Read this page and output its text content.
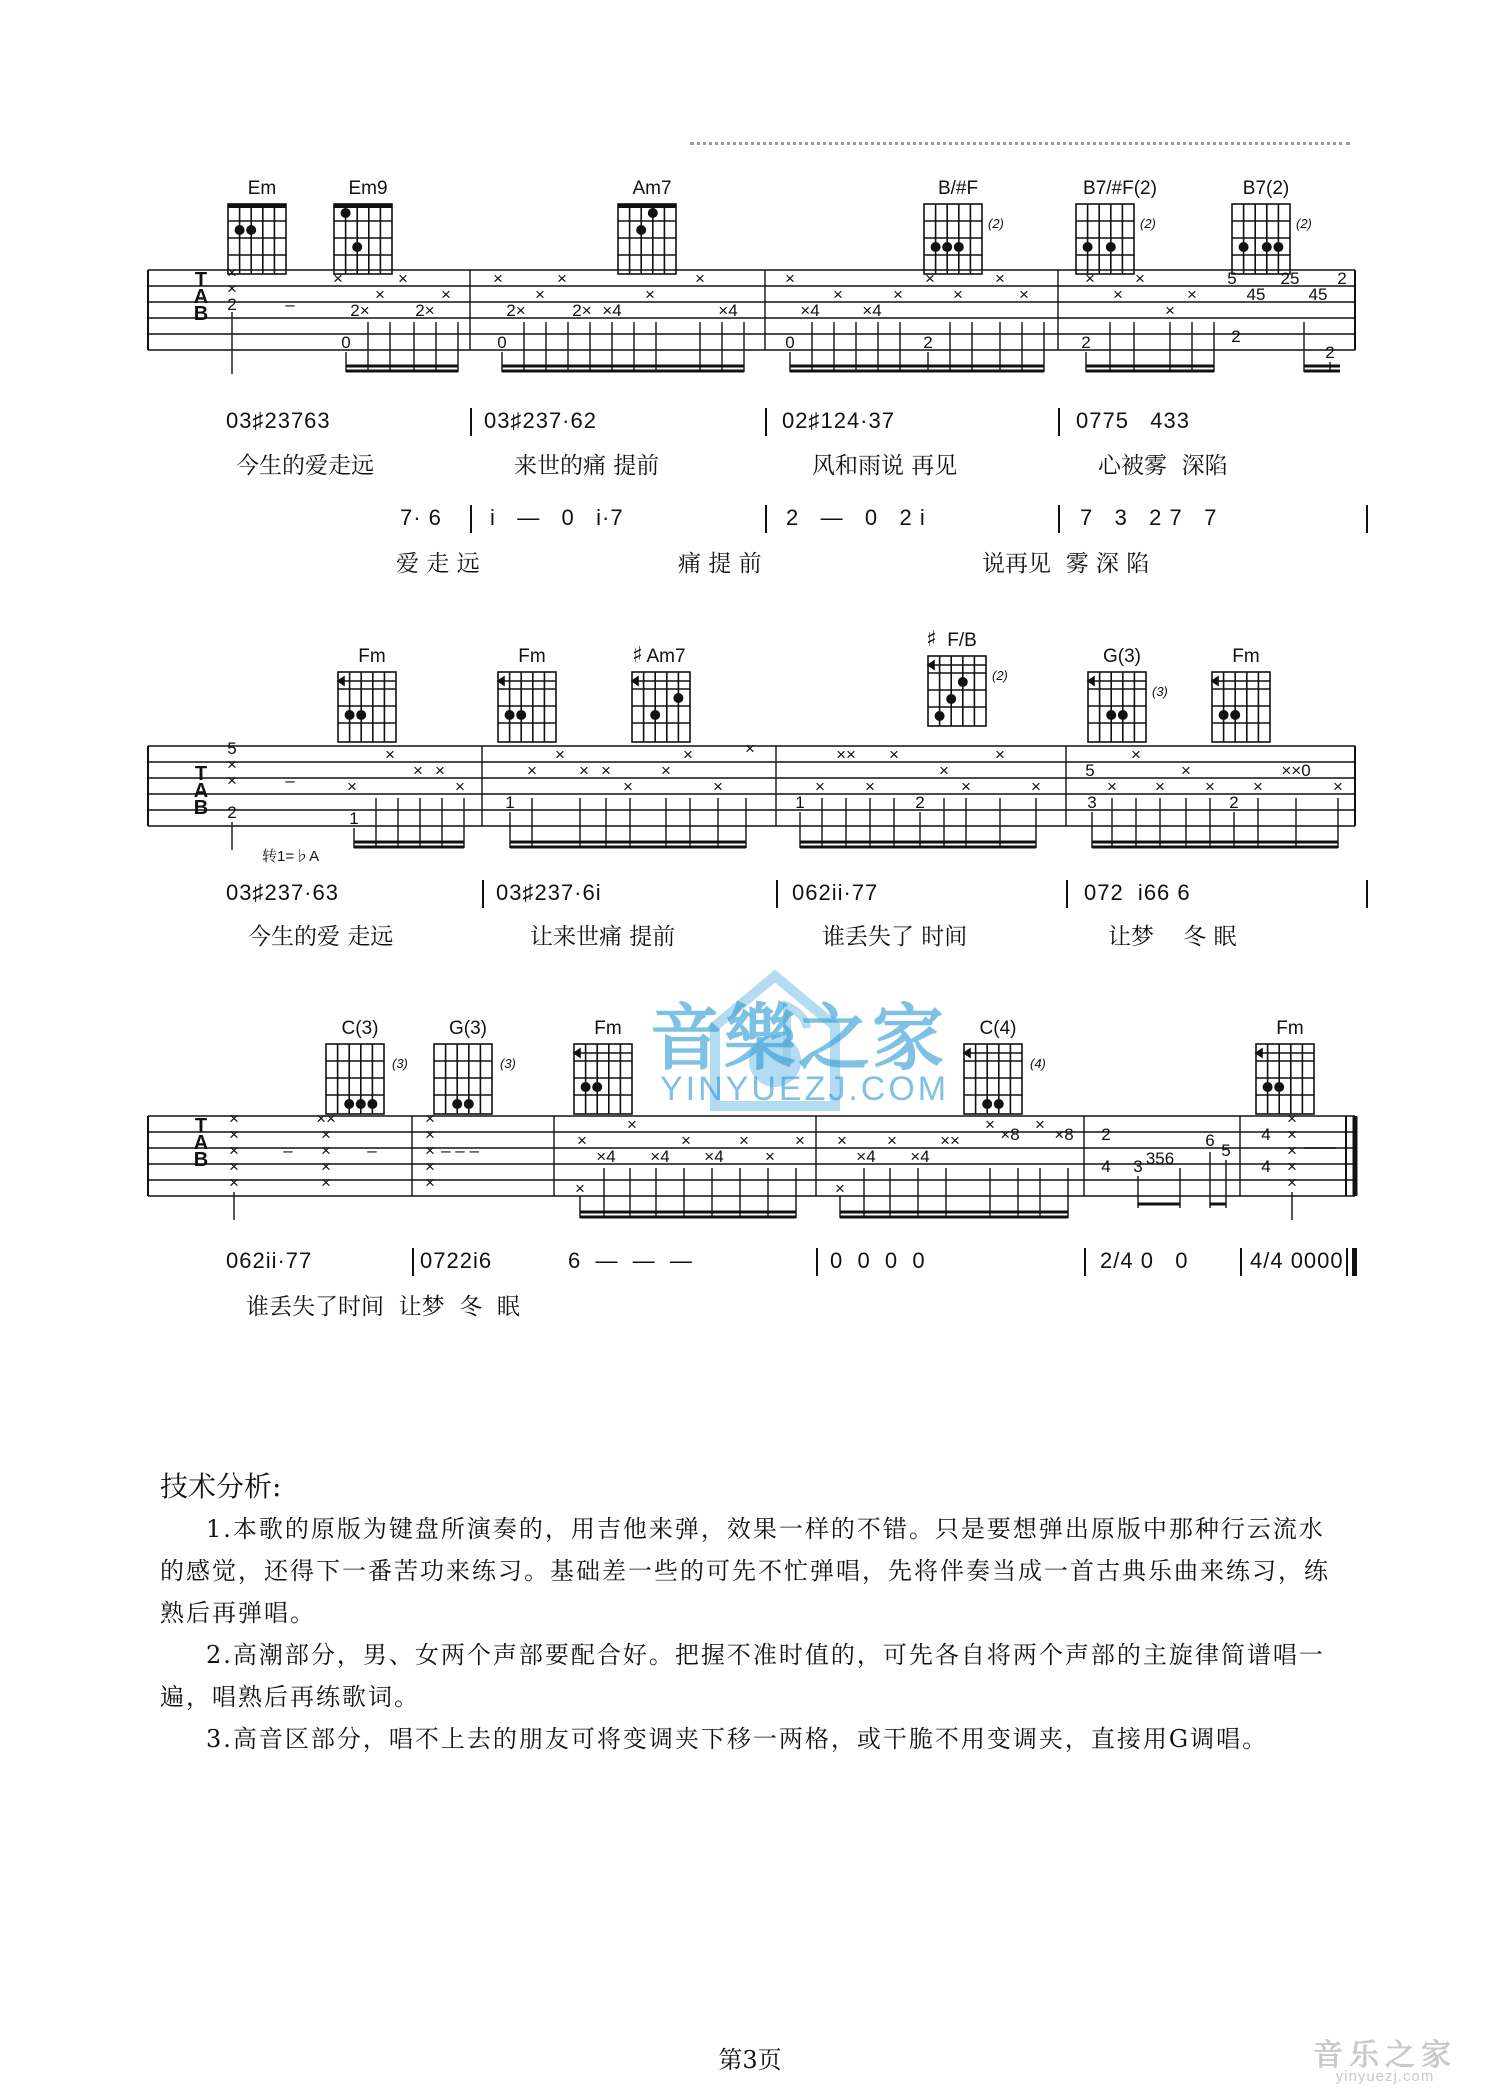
Em	Em9	Am7	B/#F
(2)
B7/#F(2)
(2)
B7(2)
(2)
T
A
B
×
×
2
×
2×
×
×
2×
×
×
2×
×
×
2× ×4
×
×
×4
×
×4
×
×4
×
×
×
×
×
×
×
×
×
×
5
45
25
45
2
0	0	0	2	2	2
2
–
03♯23763	03♯237·62	02♯124·37	0775   433
今生的爱走远	来世的痛 提前	风和雨说 再见	心被雾  深陷
7· 6 i   —   0   i·7	2   —   0   2 i	7   3   2 7   7
爱 走 远	痛 提 前	说再见  雾 深 陷
Fm	Fm	♯ Am7
♯ F/B
(2)
G(3)
(3)
Fm
T
A
B
5
×
×
2
–	×
×
× ×
×
1
×
×
× ×
×
×
×
×
×
1
×
××
×
×
2
×
×
×
×
5
3
×
×
×
×
×
2
×
××0
×
1
转1=♭A
03♯237·63	03♯237·6i	062ii·77	072  i66 6
今生的爱 走远	让来世痛 提前	谁丢失了 时间	让梦    冬 眠
音樂之家
YINYUEZJ.COM
C(3)
(3)
G(3)
(3)
Fm	C(4)
(4)
Fm
T
A
B
×
×
×
×
×
–
××
×
×
×
×
–
×
×
×
×
×
– – –
×
×4
×
×4
×
×4
×
×
× ×
×4
×
×4
××
×
×8
×
×8 2
4 3 356
6
5
4
4
×
×
×
×
×
×	×
062ii·77	0722i6	6  —  —  —	0  0  0  0	2/4 0   0	4/4 0000
谁丢失了时间  让梦  冬  眠
技术分析:
1.本歌的原版为键盘所演奏的，用吉他来弹，效果一样的不错。只是要想弹出原版中那种行云流水的感觉，还得下一番苦功来练习。基础差一些的可先不忙弹唱，先将伴奏当成一首古典乐曲来练习，练熟后再弹唱。
2.高潮部分，男、女两个声部要配合好。把握不准时值的，可先各自将两个声部的主旋律简谱唱一遍，唱熟后再练歌词。
3.高音区部分，唱不上去的朋友可将变调夹下移一两格，或干脆不用变调夹，直接用G调唱。
第3页	音乐之家
yinyuezj.com
